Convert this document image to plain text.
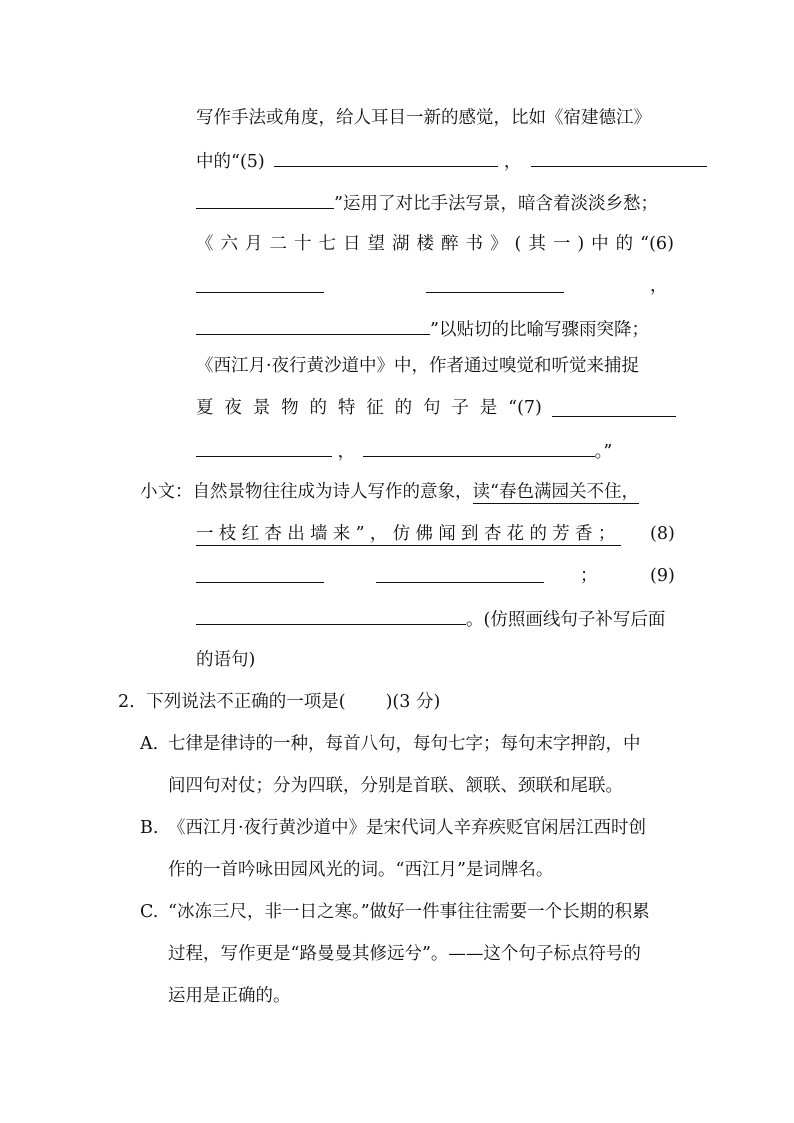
写作手法或角度，给人耳目一新的感觉，比如《宿建德江》
中的“(5)	，
”运用了对比手法写景，暗含着淡淡乡愁；
《 六 月 二 十 七 日 望 湖 楼 醉 书 》 ( 其 一 ) 中 的 “(6)

，
”以贴切的比喻写骤雨突降；
《西江月·夜行黄沙道中》中，作者通过嗅觉和听觉来捕捉
夏 夜 景 物 的 特 征 的 句 子 是 “(7)
，	。”
小文：自然景物往往成为诗人写作的意象，读“春色满园关不住，
一枝红杏出墙来”，仿佛闻到杏花的芳香； (8)

；	(9)
。(仿照画线句子补写后面
的语句)
2. 下列说法不正确的一项是( )(3 分)
A. 七律是律诗的一种，每首八句，每句七字；每句末字押韵，中
间四句对仗；分为四联，分别是首联、颔联、颈联和尾联。
B. 《西江月·夜行黄沙道中》是宋代词人辛弃疾贬官闲居江西时创
作的一首吟咏田园风光的词。“西江月”是词牌名。
C. “冰冻三尺，非一日之寒。”做好一件事往往需要一个长期的积累
过程，写作更是“路曼曼其修远兮”。——这个句子标点符号的
运用是正确的。
